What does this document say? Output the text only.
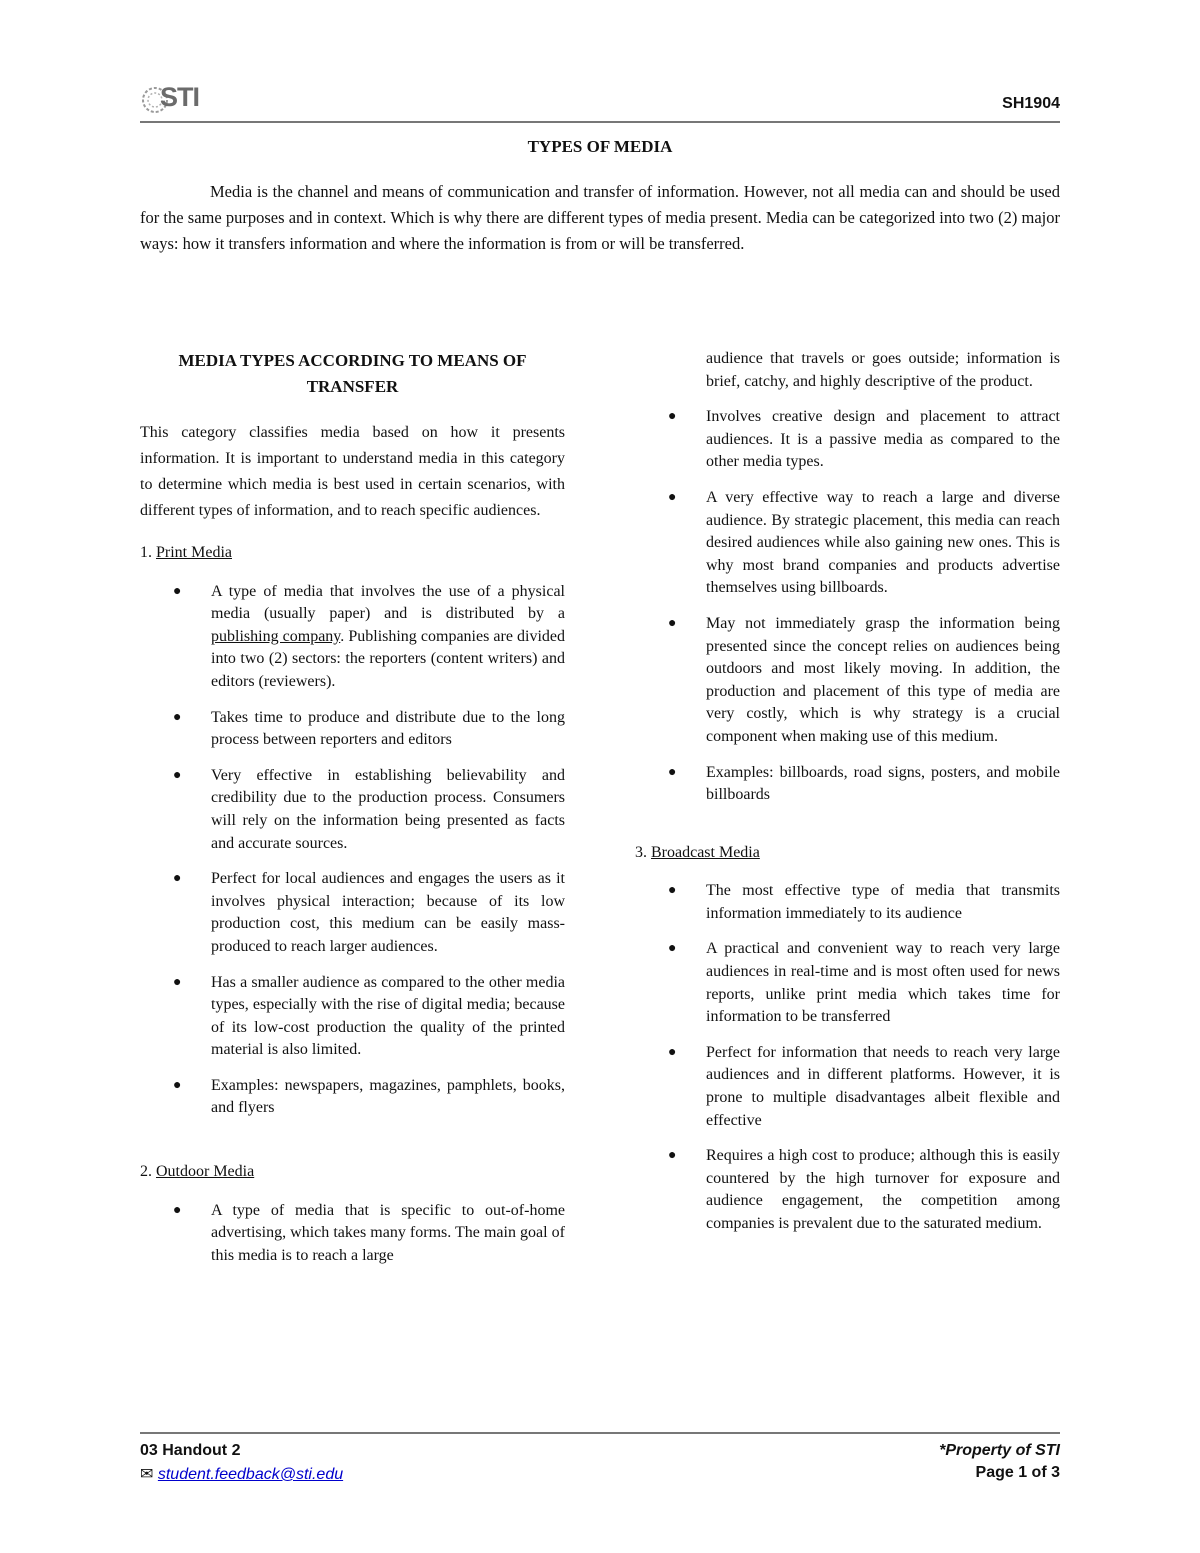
STI	SH1904
TYPES OF MEDIA

Media is the channel and means of communication and transfer of information. However, not all media can and should be used for the same purposes and in context. Which is why there are different types of media present. Media can be categorized into two (2) major ways: how it transfers information and where the information is from or will be transferred.

MEDIA TYPES ACCORDING TO MEANS OF TRANSFER

This category classifies media based on how it presents information. It is important to understand media in this category to determine which media is best used in certain scenarios, with different types of information, and to reach specific audiences.

1. Print Media

● A type of media that involves the use of a physical media (usually paper) and is distributed by a publishing company. Publishing companies are divided into two (2) sectors: the reporters (content writers) and editors (reviewers).
● Takes time to produce and distribute due to the long process between reporters and editors
● Very effective in establishing believability and credibility due to the production process. Consumers will rely on the information being presented as facts and accurate sources.
● Perfect for local audiences and engages the users as it involves physical interaction; because of its low production cost, this medium can be easily mass-produced to reach larger audiences.
● Has a smaller audience as compared to the other media types, especially with the rise of digital media; because of its low-cost production the quality of the printed material is also limited.
● Examples: newspapers, magazines, pamphlets, books, and flyers

2. Outdoor Media

● A type of media that is specific to out-of-home advertising, which takes many forms. The main goal of this media is to reach a large

audience that travels or goes outside; information is brief, catchy, and highly descriptive of the product.

● Involves creative design and placement to attract audiences. It is a passive media as compared to the other media types.
● A very effective way to reach a large and diverse audience. By strategic placement, this media can reach desired audiences while also gaining new ones. This is why most brand companies and products advertise themselves using billboards.
● May not immediately grasp the information being presented since the concept relies on audiences being outdoors and most likely moving. In addition, the production and placement of this type of media are very costly, which is why strategy is a crucial component when making use of this medium.
● Examples: billboards, road signs, posters, and mobile billboards

3. Broadcast Media

● The most effective type of media that transmits information immediately to its audience
● A practical and convenient way to reach very large audiences in real-time and is most often used for news reports, unlike print media which takes time for information to be transferred
● Perfect for information that needs to reach very large audiences and in different platforms. However, it is prone to multiple disadvantages albeit flexible and effective
● Requires a high cost to produce; although this is easily countered by the high turnover for exposure and audience engagement, the competition among companies is prevalent due to the saturated medium.
03 Handout 2
✉ student.feedback@sti.edu
*Property of STI
Page 1 of 3
